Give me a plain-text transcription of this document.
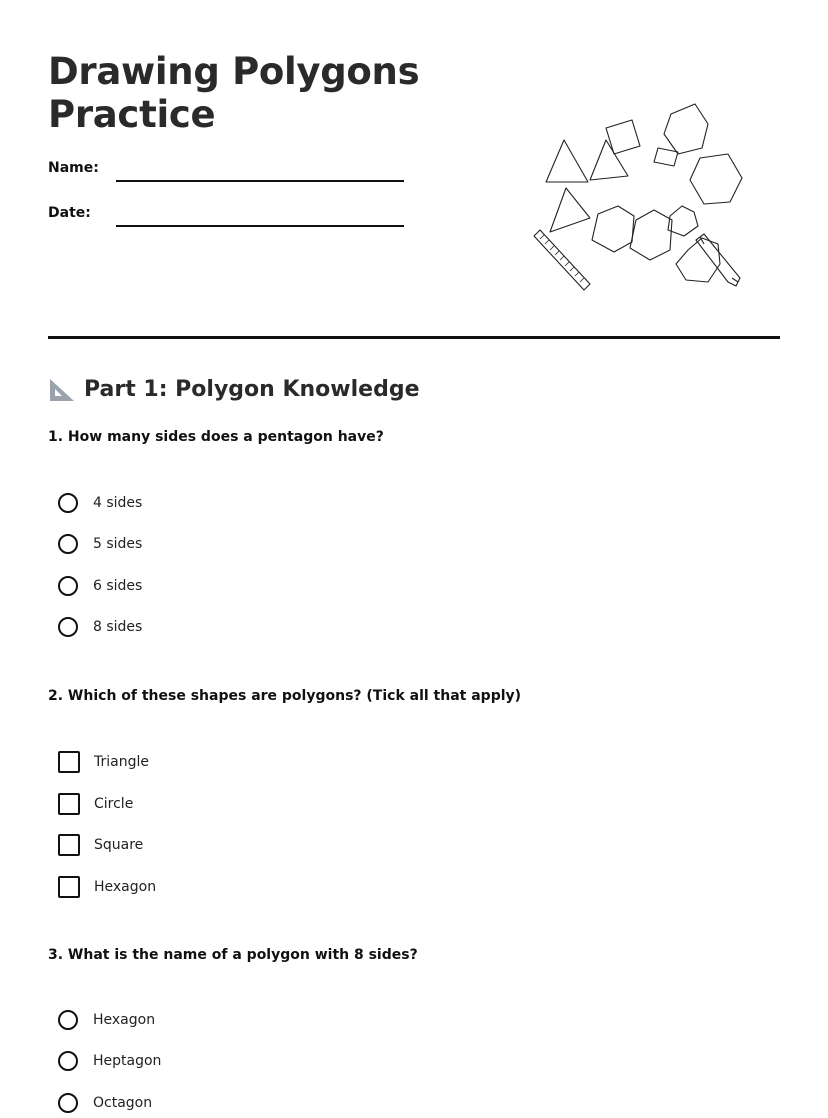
Drawing Polygons
Practice
Name:
Date:
Part 1: Polygon Knowledge

1. How many sides does a pentagon have?

4 sides
5 sides
6 sides
8 sides

2. Which of these shapes are polygons? (Tick all that apply)

Triangle
Circle
Square
Hexagon

3. What is the name of a polygon with 8 sides?

Hexagon
Heptagon
Octagon
